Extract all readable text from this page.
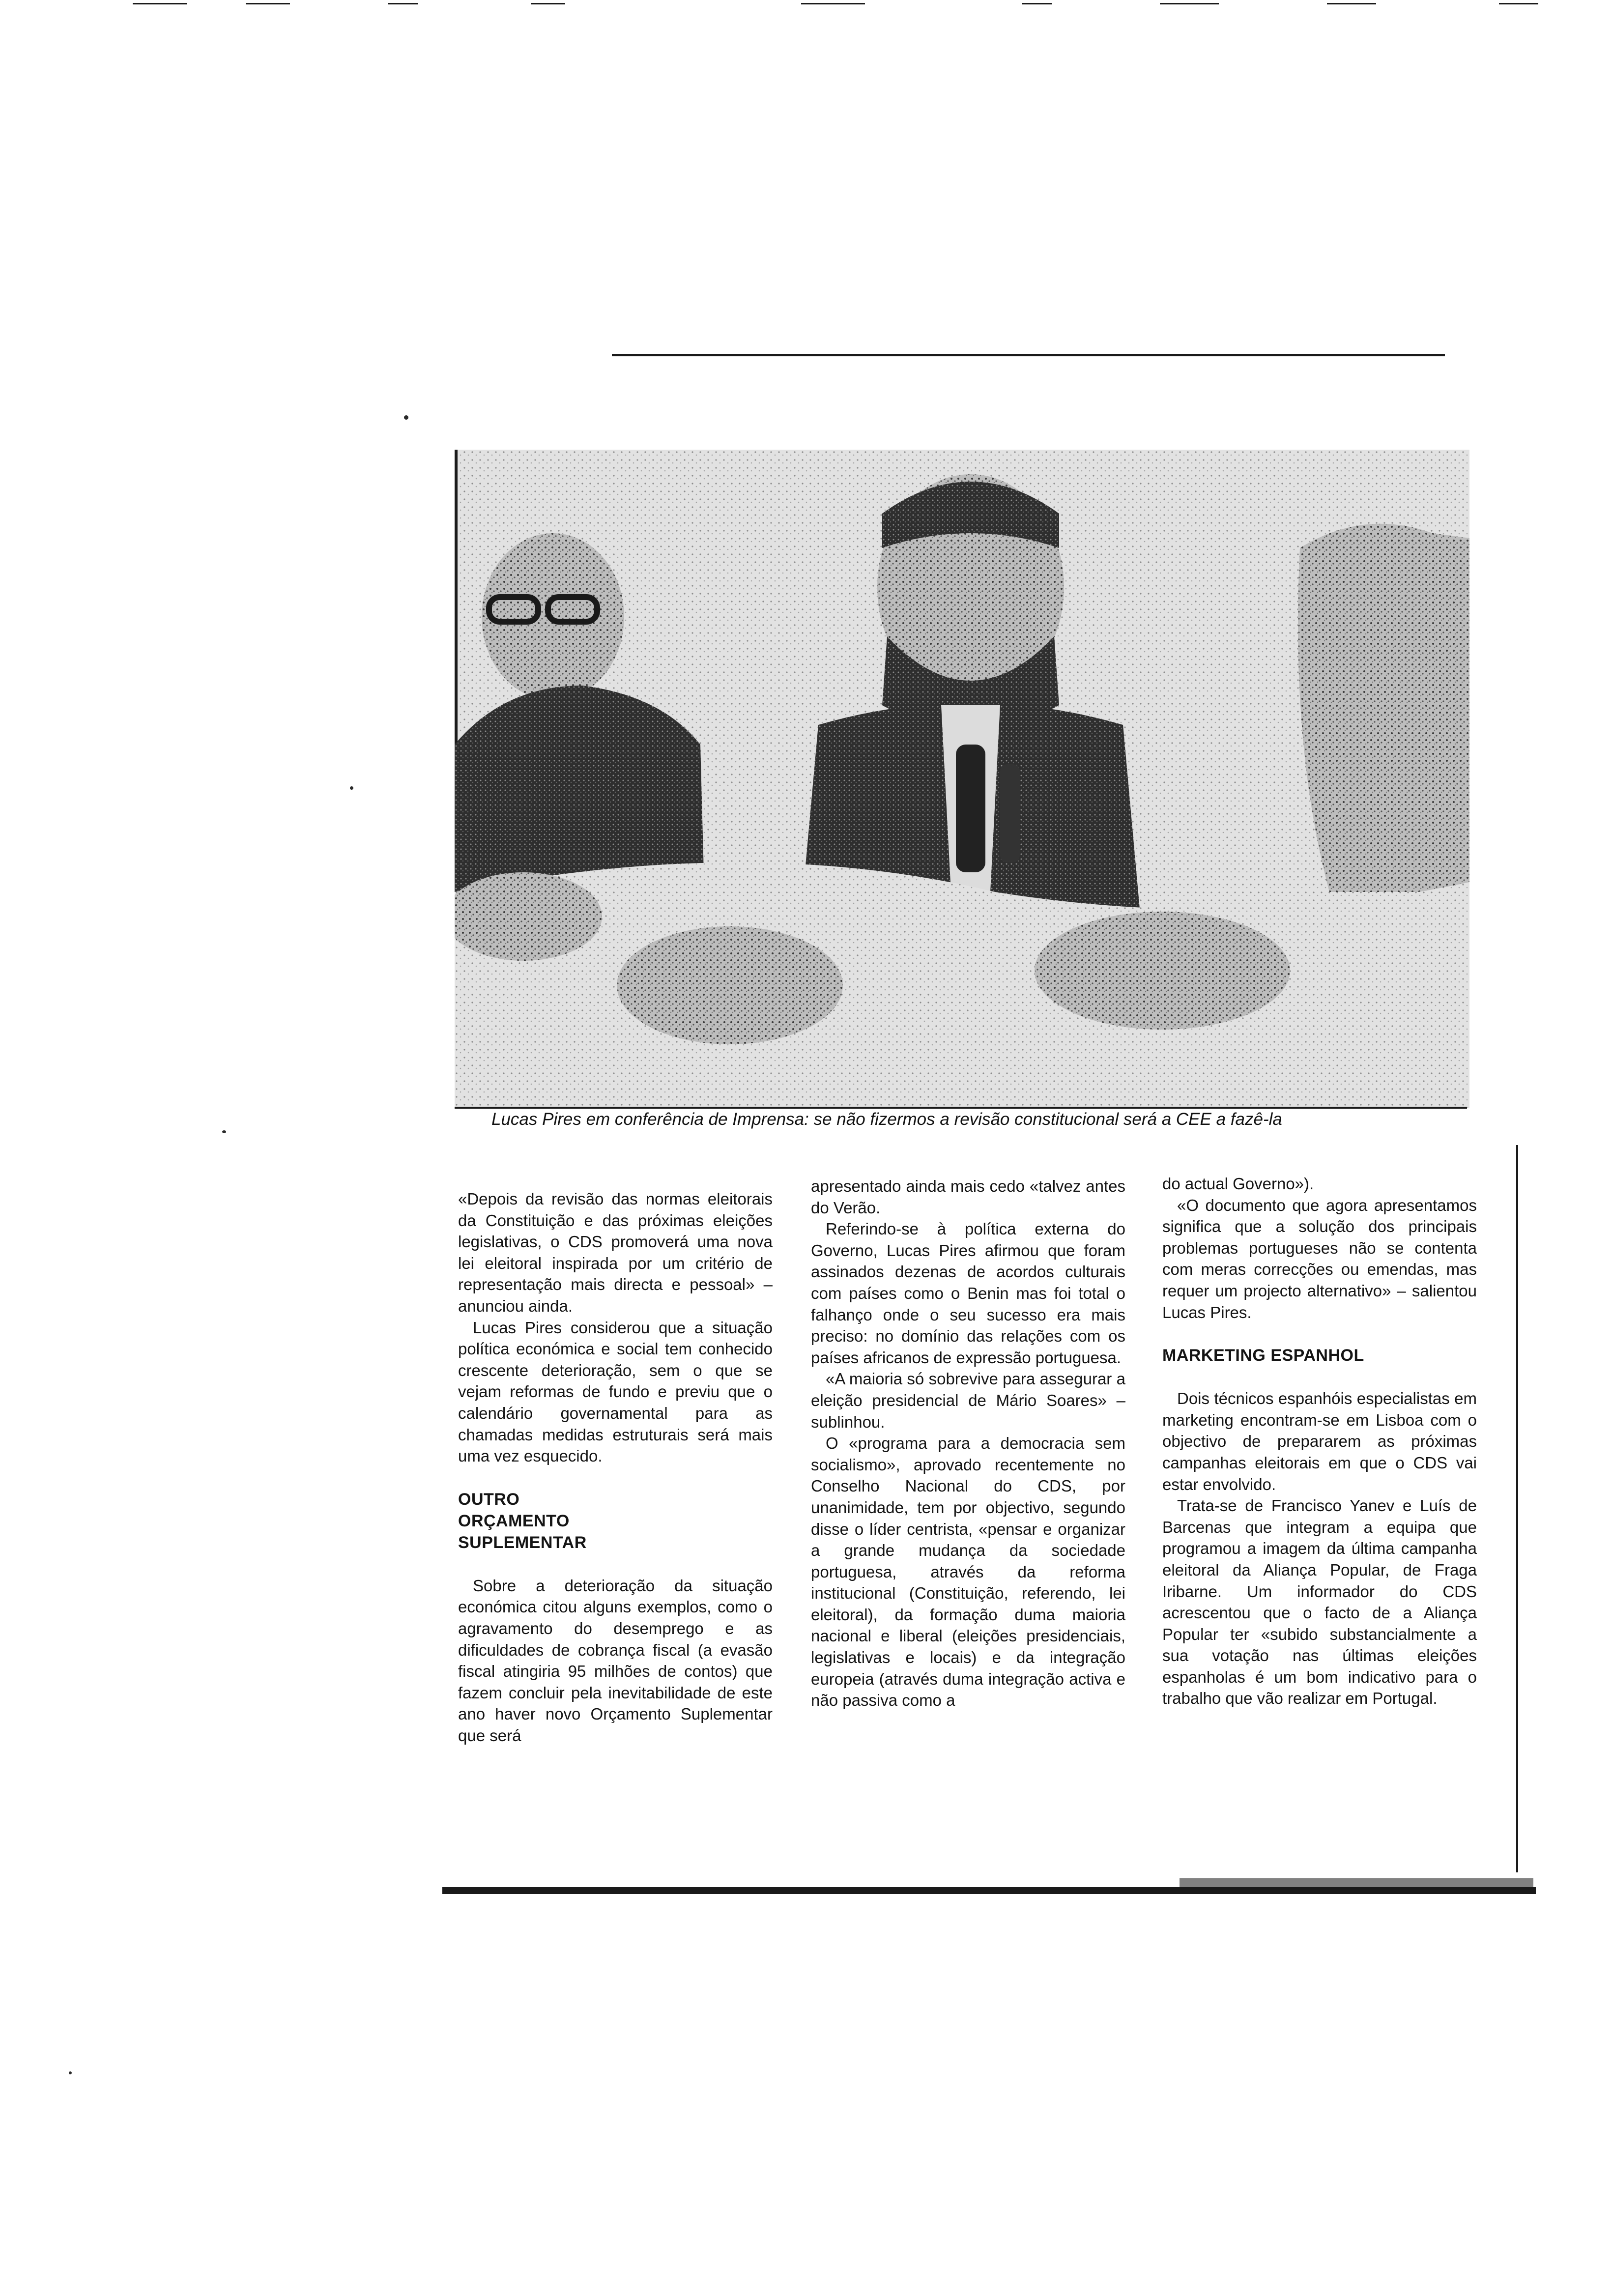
Lucas Pires em conferência de Imprensa: se não fizermos a revisão constitucional será a CEE a fazê-la

«Depois da revisão das normas eleitorais da Constituição e das próximas eleições legislativas, o CDS promoverá uma nova lei eleitoral inspirada por um critério de representação mais directa e pessoal» – anunciou ainda.

Lucas Pires considerou que a situação política económica e social tem conhecido crescente deterioração, sem o que se vejam reformas de fundo e previu que o calendário governamental para as chamadas medidas estruturais será mais uma vez esquecido.

OUTRO
ORÇAMENTO
SUPLEMENTAR

Sobre a deterioração da situação económica citou alguns exemplos, como o agravamento do desemprego e as dificuldades de cobrança fiscal (a evasão fiscal atingiria 95 milhões de contos) que fazem concluir pela inevitabilidade de este ano haver novo Orçamento Suplementar que será

apresentado ainda mais cedo «talvez antes do Verão.

Referindo-se à política externa do Governo, Lucas Pires afirmou que foram assinados dezenas de acordos culturais com países como o Benin mas foi total o falhanço onde o seu sucesso era mais preciso: no domínio das relações com os países africanos de expressão portuguesa.

«A maioria só sobrevive para assegurar a eleição presidencial de Mário Soares» – sublinhou.

O «programa para a democracia sem socialismo», aprovado recentemente no Conselho Nacional do CDS, por unanimidade, tem por objectivo, segundo disse o líder centrista, «pensar e organizar a grande mudança da sociedade portuguesa, através da reforma institucional (Constituição, referendo, lei eleitoral), da formação duma maioria nacional e liberal (eleições presidenciais, legislativas e locais) e da integração europeia (através duma integração activa e não passiva como a

do actual Governo»).

«O documento que agora apresentamos significa que a solução dos principais problemas portugueses não se contenta com meras correcções ou emendas, mas requer um projecto alternativo» – salientou Lucas Pires.

MARKETING ESPANHOL

Dois técnicos espanhóis especialistas em marketing encontram-se em Lisboa com o objectivo de prepararem as próximas campanhas eleitorais em que o CDS vai estar envolvido.

Trata-se de Francisco Yanev e Luís de Barcenas que integram a equipa que programou a imagem da última campanha eleitoral da Aliança Popular, de Fraga Iribarne. Um informador do CDS acrescentou que o facto de a Aliança Popular ter «subido substancialmente a sua votação nas últimas eleições espanholas é um bom indicativo para o trabalho que vão realizar em Portugal.
